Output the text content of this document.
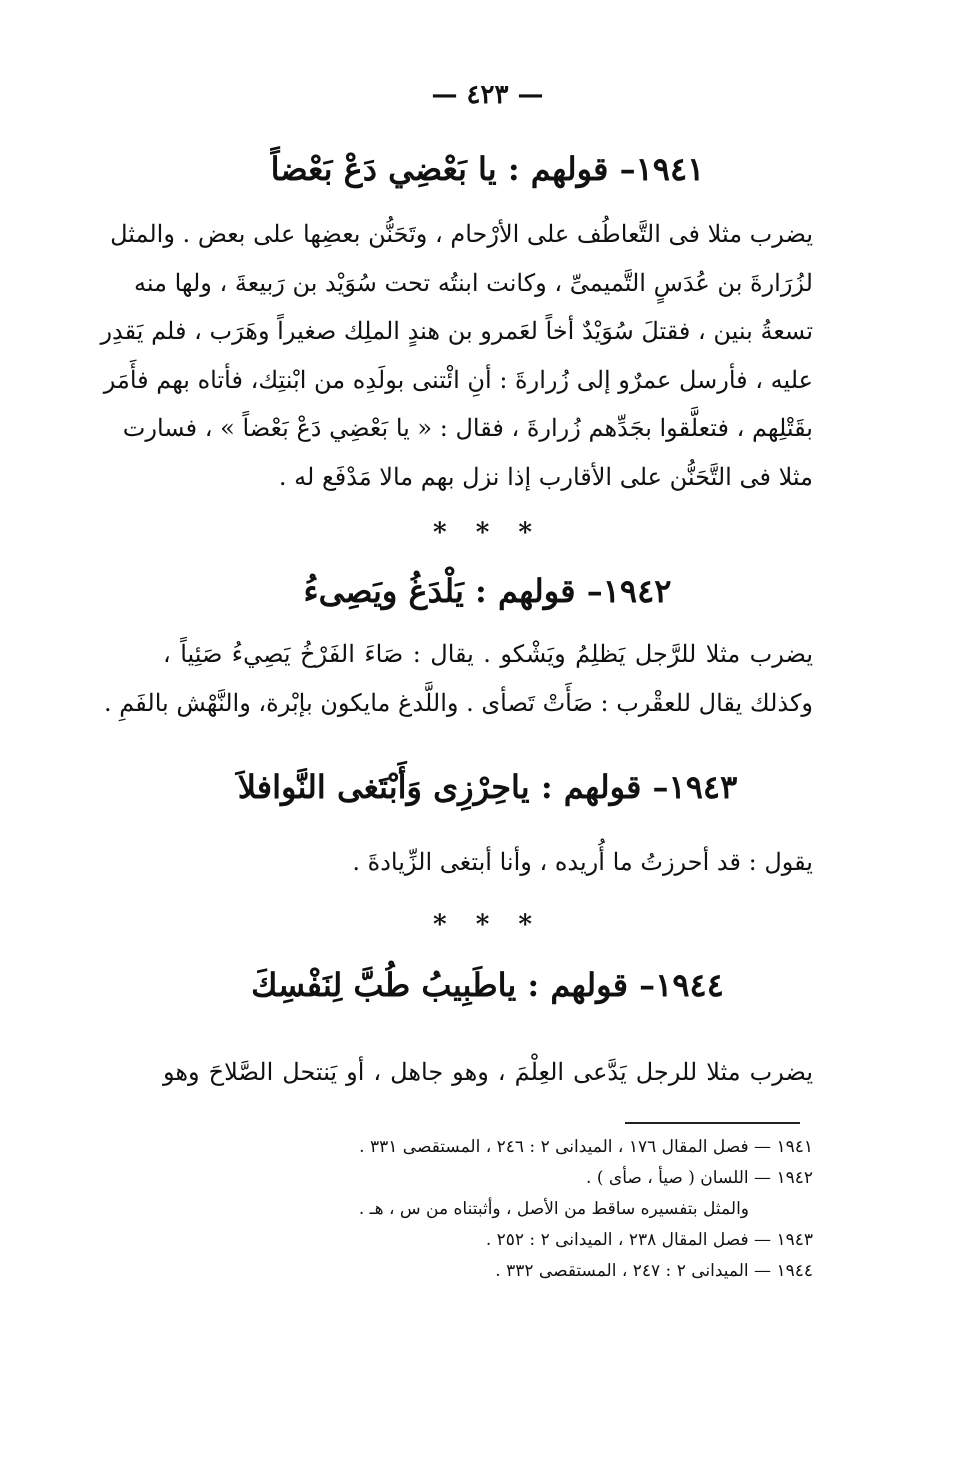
— ٤٢٣ —
١٩٤١– قولهم : يا بَعْضِي دَعْ بَعْضاً

يضرب مثلا فى التَّعاطُف على الأرْحام ، وتَحَنُّن بعضِها على بعض . والمثل
لزُرَارةَ بن عُدَسٍ التَّميمىِّ ، وكانت ابنتُه تحت سُوَيْد بن رَبيعةَ ، ولها منه
تسعةُ بنين ، فقتلَ سُوَيْدٌ أخاً لعَمرو بن هندٍ الملِك صغيراً وهَرَب ، فلم يَقدِر
عليه ، فأرسل عمرٌو إلى زُرارةَ : أنِ ائْتنى بولَدِه من ابْنتِك، فأتاه بهم فأَمَر
بقَتْلِهم ، فتعلَّقوا بجَدِّهم زُرارةَ ، فقال : « يا بَعْضِي دَعْ بَعْضاً » ، فسارت
مثلا فى التَّحَنُّن على الأقارب إذا نزل بهم مالا مَدْفَع له .

* * *
١٩٤٢– قولهم : يَلْدَغُ ويَصِىءُ

يضرب مثلا للرَّجل يَظلِمُ ويَشْكو . يقال : صَاءَ الفَرْخُ يَصِيءُ صَئِياً ،
وكذلك يقال للعقْرب : صَأَتْ تَصأى . واللَّدغ مايكون بإبْرة، والنَّهْش بالفَمِ .

١٩٤٣– قولهم : ياحِرْزِى وَأَبْتَغى النَّوافلاَ

يقول : قد أحرزتُ ما أُريده ، وأنا أبتغى الزِّيادةَ .

* * *
١٩٤٤– قولهم : ياطَبِيبُ طُبَّ لِنَفْسِكَ

يضرب مثلا للرجل يَدَّعى العِلْمَ ، وهو جاهل ، أو يَنتحل الصَّلاحَ وهو

١٩٤١ — فصل المقال ١٧٦ ، الميدانى ٢ : ٢٤٦ ، المستقصى ٣٣١ .
١٩٤٢ — اللسان ( صيأ ، صأى ) .
والمثل بتفسيره ساقط من الأصل ، وأثبتناه من س ، هـ .
١٩٤٣ — فصل المقال ٢٣٨ ، الميدانى ٢ : ٢٥٢ .
١٩٤٤ — الميدانى ٢ : ٢٤٧ ، المستقصى ٣٣٢ .
